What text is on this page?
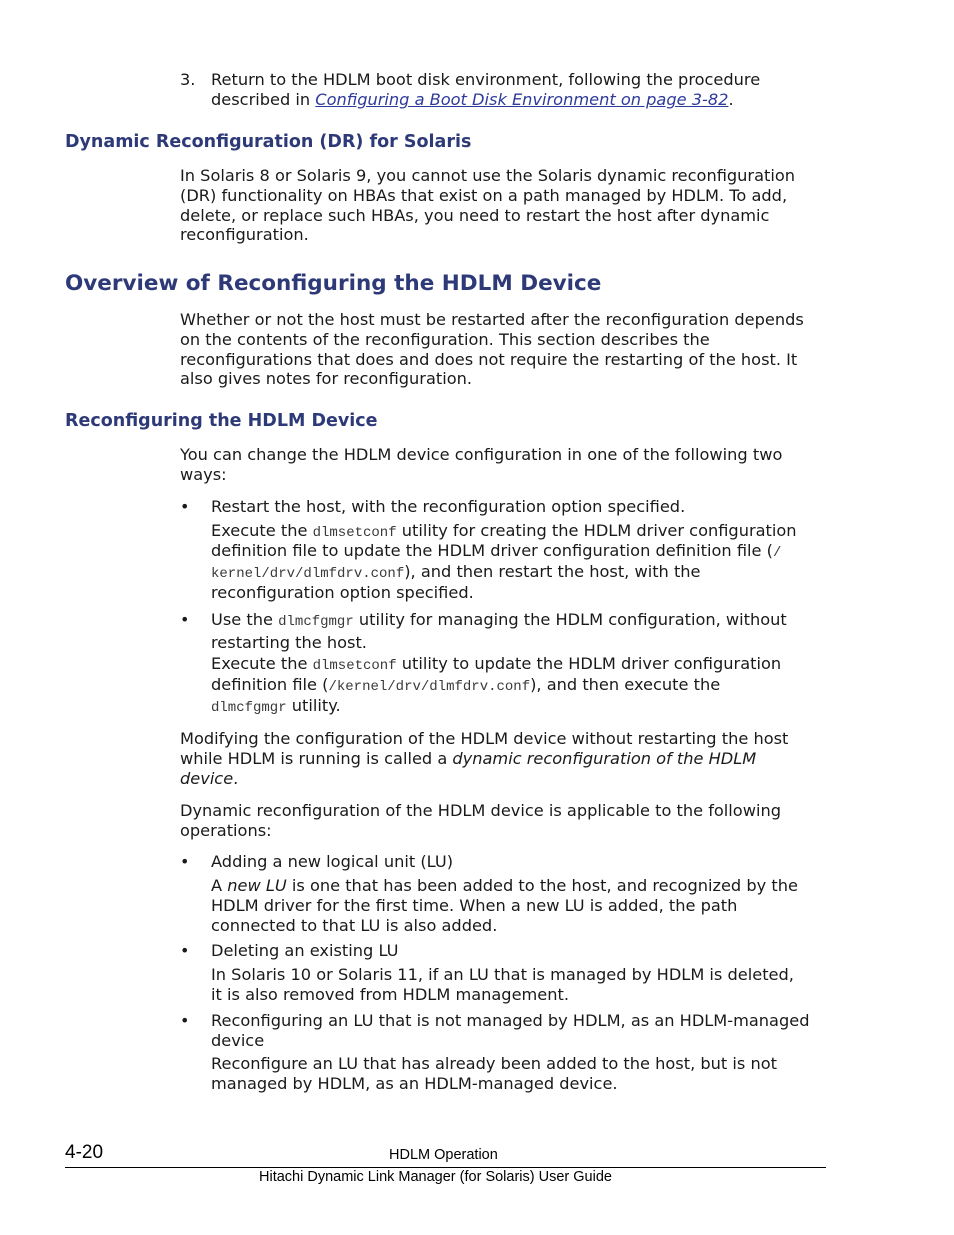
3. Return to the HDLM boot disk environment, following the procedure

described in Configuring a Boot Disk Environment on page 3-82.

Dynamic Reconfiguration (DR) for Solaris

In Solaris 8 or Solaris 9, you cannot use the Solaris dynamic reconfiguration

(DR) functionality on HBAs that exist on a path managed by HDLM. To add,

delete, or replace such HBAs, you need to restart the host after dynamic

reconfiguration.

Overview of Reconfiguring the HDLM Device

Whether or not the host must be restarted after the reconfiguration depends

on the contents of the reconfiguration. This section describes the

reconfigurations that does and does not require the restarting of the host. It

also gives notes for reconfiguration.

Reconfiguring the HDLM Device

You can change the HDLM device configuration in one of the following two

ways:

• Restart the host, with the reconfiguration option specified.

Execute the dlmsetconf utility for creating the HDLM driver configuration

definition file to update the HDLM driver configuration definition file (/

kernel/drv/dlmfdrv.conf), and then restart the host, with the

reconfiguration option specified.

• Use the dlmcfgmgr utility for managing the HDLM configuration, without

restarting the host.

Execute the dlmsetconf utility to update the HDLM driver configuration

definition file (/kernel/drv/dlmfdrv.conf), and then execute the

dlmcfgmgr utility.

Modifying the configuration of the HDLM device without restarting the host

while HDLM is running is called a dynamic reconfiguration of the HDLM

device.

Dynamic reconfiguration of the HDLM device is applicable to the following

operations:

• Adding a new logical unit (LU)

A new LU is one that has been added to the host, and recognized by the

HDLM driver for the first time. When a new LU is added, the path

connected to that LU is also added.

• Deleting an existing LU

In Solaris 10 or Solaris 11, if an LU that is managed by HDLM is deleted,

it is also removed from HDLM management.

• Reconfiguring an LU that is not managed by HDLM, as an HDLM-managed

device

Reconfigure an LU that has already been added to the host, but is not

managed by HDLM, as an HDLM-managed device.

4-20	HDLM Operation
Hitachi Dynamic Link Manager (for Solaris) User Guide
